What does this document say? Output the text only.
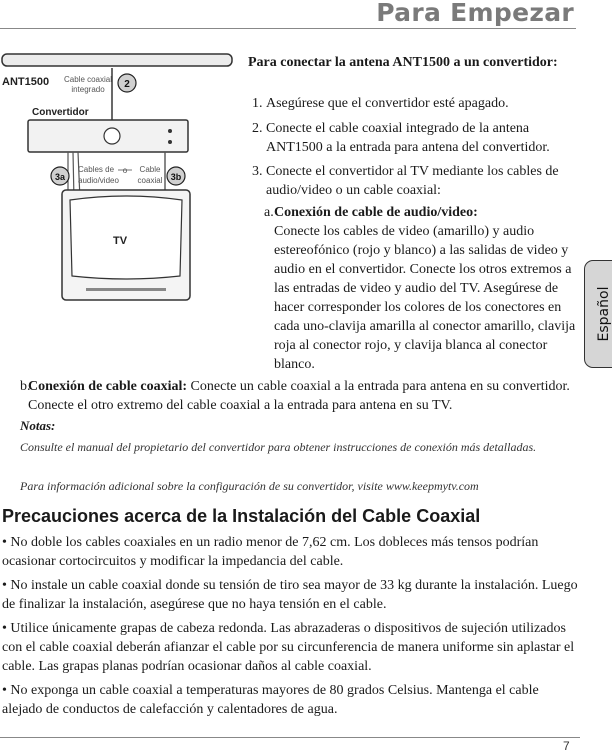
Para Empezar
Español
ANT1500 Cable coaxial
integrado 2
Convertidor
Cables de
audio/video
o Cable
coaxial
3a	3b
TV
Para conectar la antena ANT1500 a un convertidor:
1. Asegúrese que el convertidor esté apagado.
2. Conecte el cable coaxial integrado de la antena ANT1500 a la entrada para antena del convertidor.
3. Conecte el convertidor al TV mediante los cables de audio/video o un cable coaxial:
a. Conexión de cable de audio/video:
Conecte los cables de video (amarillo) y audio estereofónico (rojo y blanco) a las salidas de video y audio en el convertidor. Conecte los otros extremos a las entradas de video y audio del TV. Asegúrese de hacer corresponder los colores de los conectores en cada uno-clavija amarilla al conector amarillo, clavija roja al conector rojo, y clavija blanca al conector blanco.
b.
Conexión de cable coaxial: Conecte un cable coaxial a la entrada para antena en su convertidor. Conecte el otro extremo del cable coaxial a la entrada para antena en su TV.
Notas:
Consulte el manual del propietario del convertidor para obtener instrucciones de conexión más detalladas.
Para información adicional sobre la configuración de su convertidor, visite www.keepmytv.com
Precauciones acerca de la Instalación del Cable Coaxial
• No doble los cables coaxiales en un radio menor de 7,62 cm. Los dobleces más tensos podrían ocasionar cortocircuitos y modificar la impedancia del cable.
• No instale un cable coaxial donde su tensión de tiro sea mayor de 33 kg durante la instalación. Luego de finalizar la instalación, asegúrese que no haya tensión en el cable.
• Utilice únicamente grapas de cabeza redonda. Las abrazaderas o dispositivos de sujeción utilizados con el cable coaxial deberán afianzar el cable por su circunferencia de manera uniforme sin aplastar el cable. Las grapas planas podrían ocasionar daños al cable coaxial.
• No exponga un cable coaxial a temperaturas mayores de 80 grados Celsius. Mantenga el cable alejado de conductos de calefacción y calentadores de agua.
7
